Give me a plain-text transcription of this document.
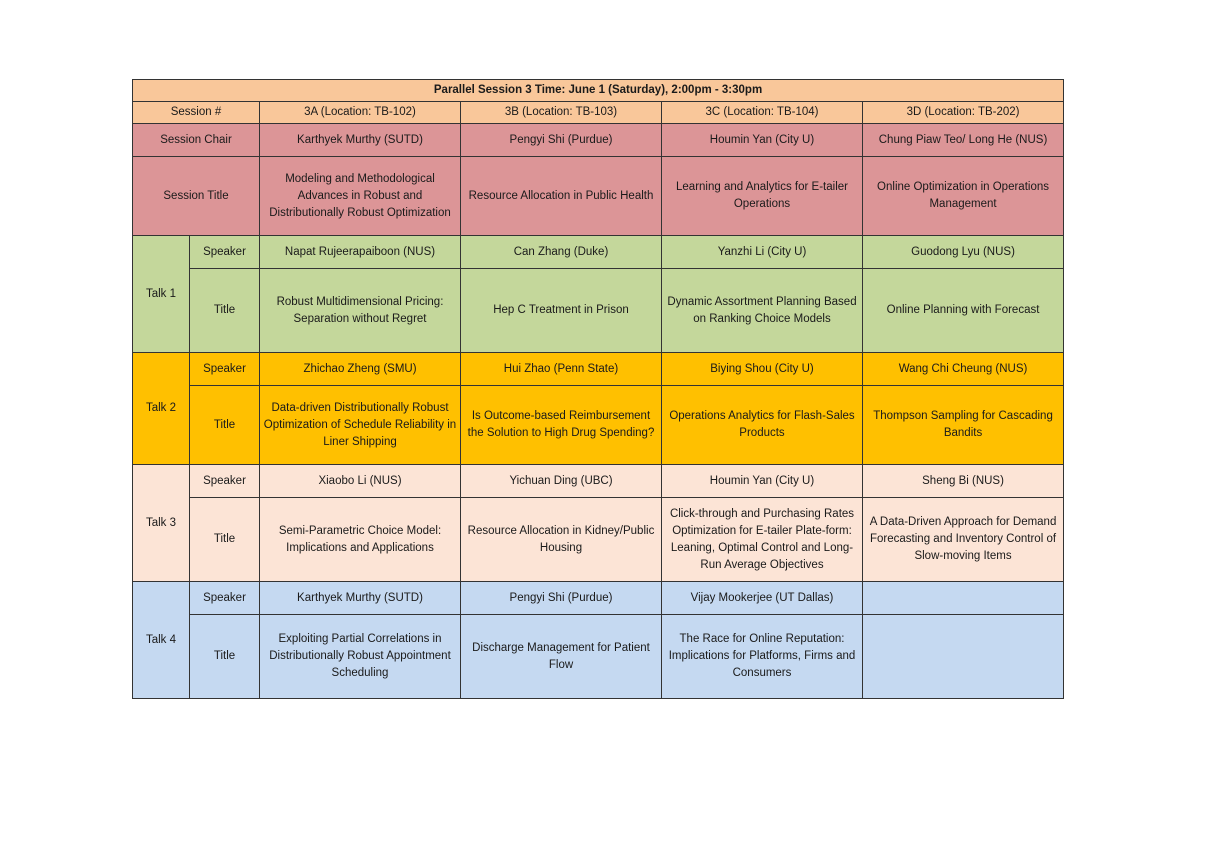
Parallel Session 3 Time: June 1 (Saturday), 2:00pm - 3:30pm					
Session #		3A (Location: TB-102)	3B (Location: TB-103)	3C (Location: TB-104)	3D (Location: TB-202)
Session Chair		Karthyek Murthy (SUTD)	Pengyi Shi (Purdue)	Houmin Yan (City U)	Chung Piaw Teo/ Long He (NUS)
Session Title		Modeling and Methodological Advances in Robust and Distributionally Robust Optimization	Resource Allocation in Public Health	Learning and Analytics for E-tailer Operations	Online Optimization in Operations Management
Talk 1	Speaker	Napat Rujeerapaiboon (NUS)	Can Zhang (Duke)	Yanzhi Li (City U)	Guodong Lyu (NUS)
	Title	Robust Multidimensional Pricing: Separation without Regret	Hep C Treatment in Prison	Dynamic Assortment Planning Based on Ranking Choice Models	Online Planning with Forecast
Talk 2	Speaker	Zhichao Zheng (SMU)	Hui Zhao (Penn State)	Biying Shou (City U)	Wang Chi Cheung (NUS)
	Title	Data-driven Distributionally Robust Optimization of Schedule Reliability in Liner Shipping	Is Outcome-based Reimbursement the Solution to High Drug Spending?	Operations Analytics for Flash-Sales Products	Thompson Sampling for Cascading Bandits
Talk 3	Speaker	Xiaobo Li (NUS)	Yichuan Ding (UBC)	Houmin Yan (City U)	Sheng Bi (NUS)
	Title	Semi-Parametric Choice Model: Implications and Applications	Resource Allocation in Kidney/Public Housing	Click-through and Purchasing Rates Optimization for E-tailer Plate-form: Leaning, Optimal Control and Long-Run Average Objectives	A Data-Driven Approach for Demand Forecasting and Inventory Control of Slow-moving Items
Talk 4	Speaker	Karthyek Murthy (SUTD)	Pengyi Shi (Purdue)	Vijay Mookerjee (UT Dallas)	
	Title	Exploiting Partial Correlations in Distributionally Robust Appointment Scheduling	Discharge Management for Patient Flow	The Race for Online Reputation: Implications for Platforms, Firms and Consumers	
